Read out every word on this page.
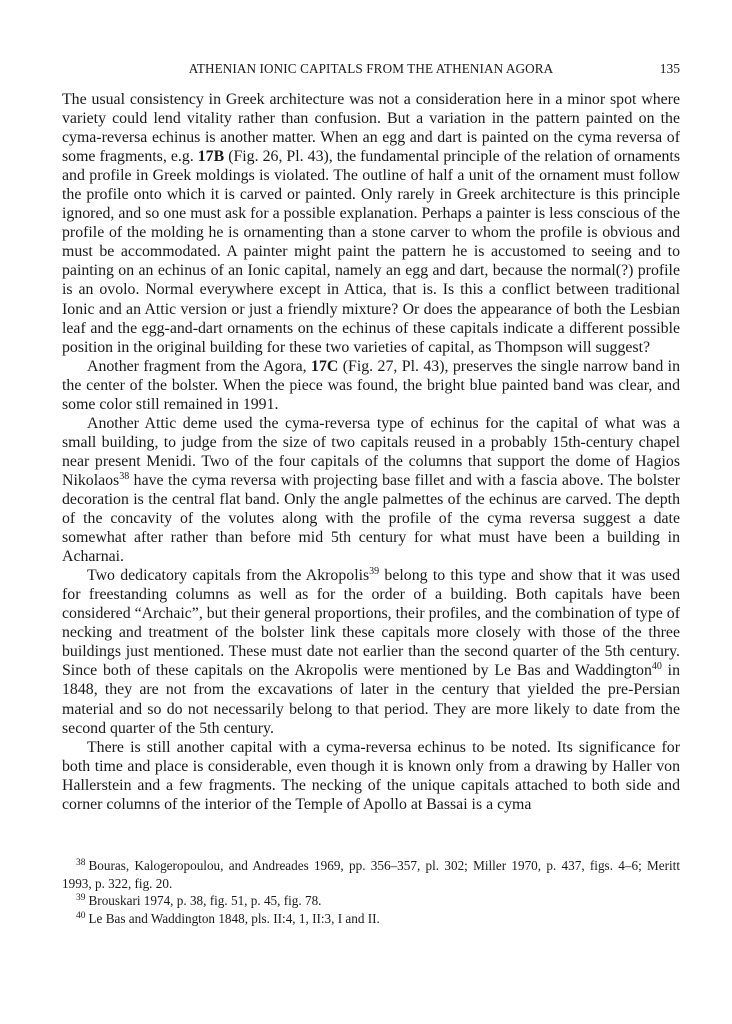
ATHENIAN IONIC CAPITALS FROM THE ATHENIAN AGORA	135

The usual consistency in Greek architecture was not a consideration here in a minor spot where variety could lend vitality rather than confusion. But a variation in the pattern painted on the cyma-reversa echinus is another matter. When an egg and dart is painted on the cyma reversa of some fragments, e.g. 17B (Fig. 26, Pl. 43), the fundamental principle of the relation of ornaments and profile in Greek moldings is violated. The outline of half a unit of the ornament must follow the profile onto which it is carved or painted. Only rarely in Greek architecture is this principle ignored, and so one must ask for a possible explanation. Perhaps a painter is less conscious of the profile of the molding he is ornamenting than a stone carver to whom the profile is obvious and must be accommodated. A painter might paint the pattern he is accustomed to seeing and to painting on an echinus of an Ionic capital, namely an egg and dart, because the normal(?) profile is an ovolo. Normal everywhere except in Attica, that is. Is this a conflict between traditional Ionic and an Attic version or just a friendly mixture? Or does the appearance of both the Lesbian leaf and the egg-and-dart ornaments on the echinus of these capitals indicate a different possible position in the original building for these two varieties of capital, as Thompson will suggest?

Another fragment from the Agora, 17C (Fig. 27, Pl. 43), preserves the single narrow band in the center of the bolster. When the piece was found, the bright blue painted band was clear, and some color still remained in 1991.

Another Attic deme used the cyma-reversa type of echinus for the capital of what was a small building, to judge from the size of two capitals reused in a probably 15th-century chapel near present Menidi. Two of the four capitals of the columns that support the dome of Hagios Nikolaos$^{38}$ have the cyma reversa with projecting base fillet and with a fascia above. The bolster decoration is the central flat band. Only the angle palmettes of the echinus are carved. The depth of the concavity of the volutes along with the profile of the cyma reversa suggest a date somewhat after rather than before mid 5th century for what must have been a building in Acharnai.

Two dedicatory capitals from the Akropolis$^{39}$ belong to this type and show that it was used for freestanding columns as well as for the order of a building. Both capitals have been considered “Archaic”, but their general proportions, their profiles, and the combination of type of necking and treatment of the bolster link these capitals more closely with those of the three buildings just mentioned. These must date not earlier than the second quarter of the 5th century. Since both of these capitals on the Akropolis were mentioned by Le Bas and Waddington$^{40}$ in 1848, they are not from the excavations of later in the century that yielded the pre-Persian material and so do not necessarily belong to that period. They are more likely to date from the second quarter of the 5th century.

There is still another capital with a cyma-reversa echinus to be noted. Its significance for both time and place is considerable, even though it is known only from a drawing by Haller von Hallerstein and a few fragments. The necking of the unique capitals attached to both side and corner columns of the interior of the Temple of Apollo at Bassai is a cyma

$^{38}$ Bouras, Kalogeropoulou, and Andreades 1969, pp. 356–357, pl. 302; Miller 1970, p. 437, figs. 4–6; Meritt 1993, p. 322, fig. 20.

$^{39}$ Brouskari 1974, p. 38, fig. 51, p. 45, fig. 78.

$^{40}$ Le Bas and Waddington 1848, pls. II:4, 1, II:3, I and II.
